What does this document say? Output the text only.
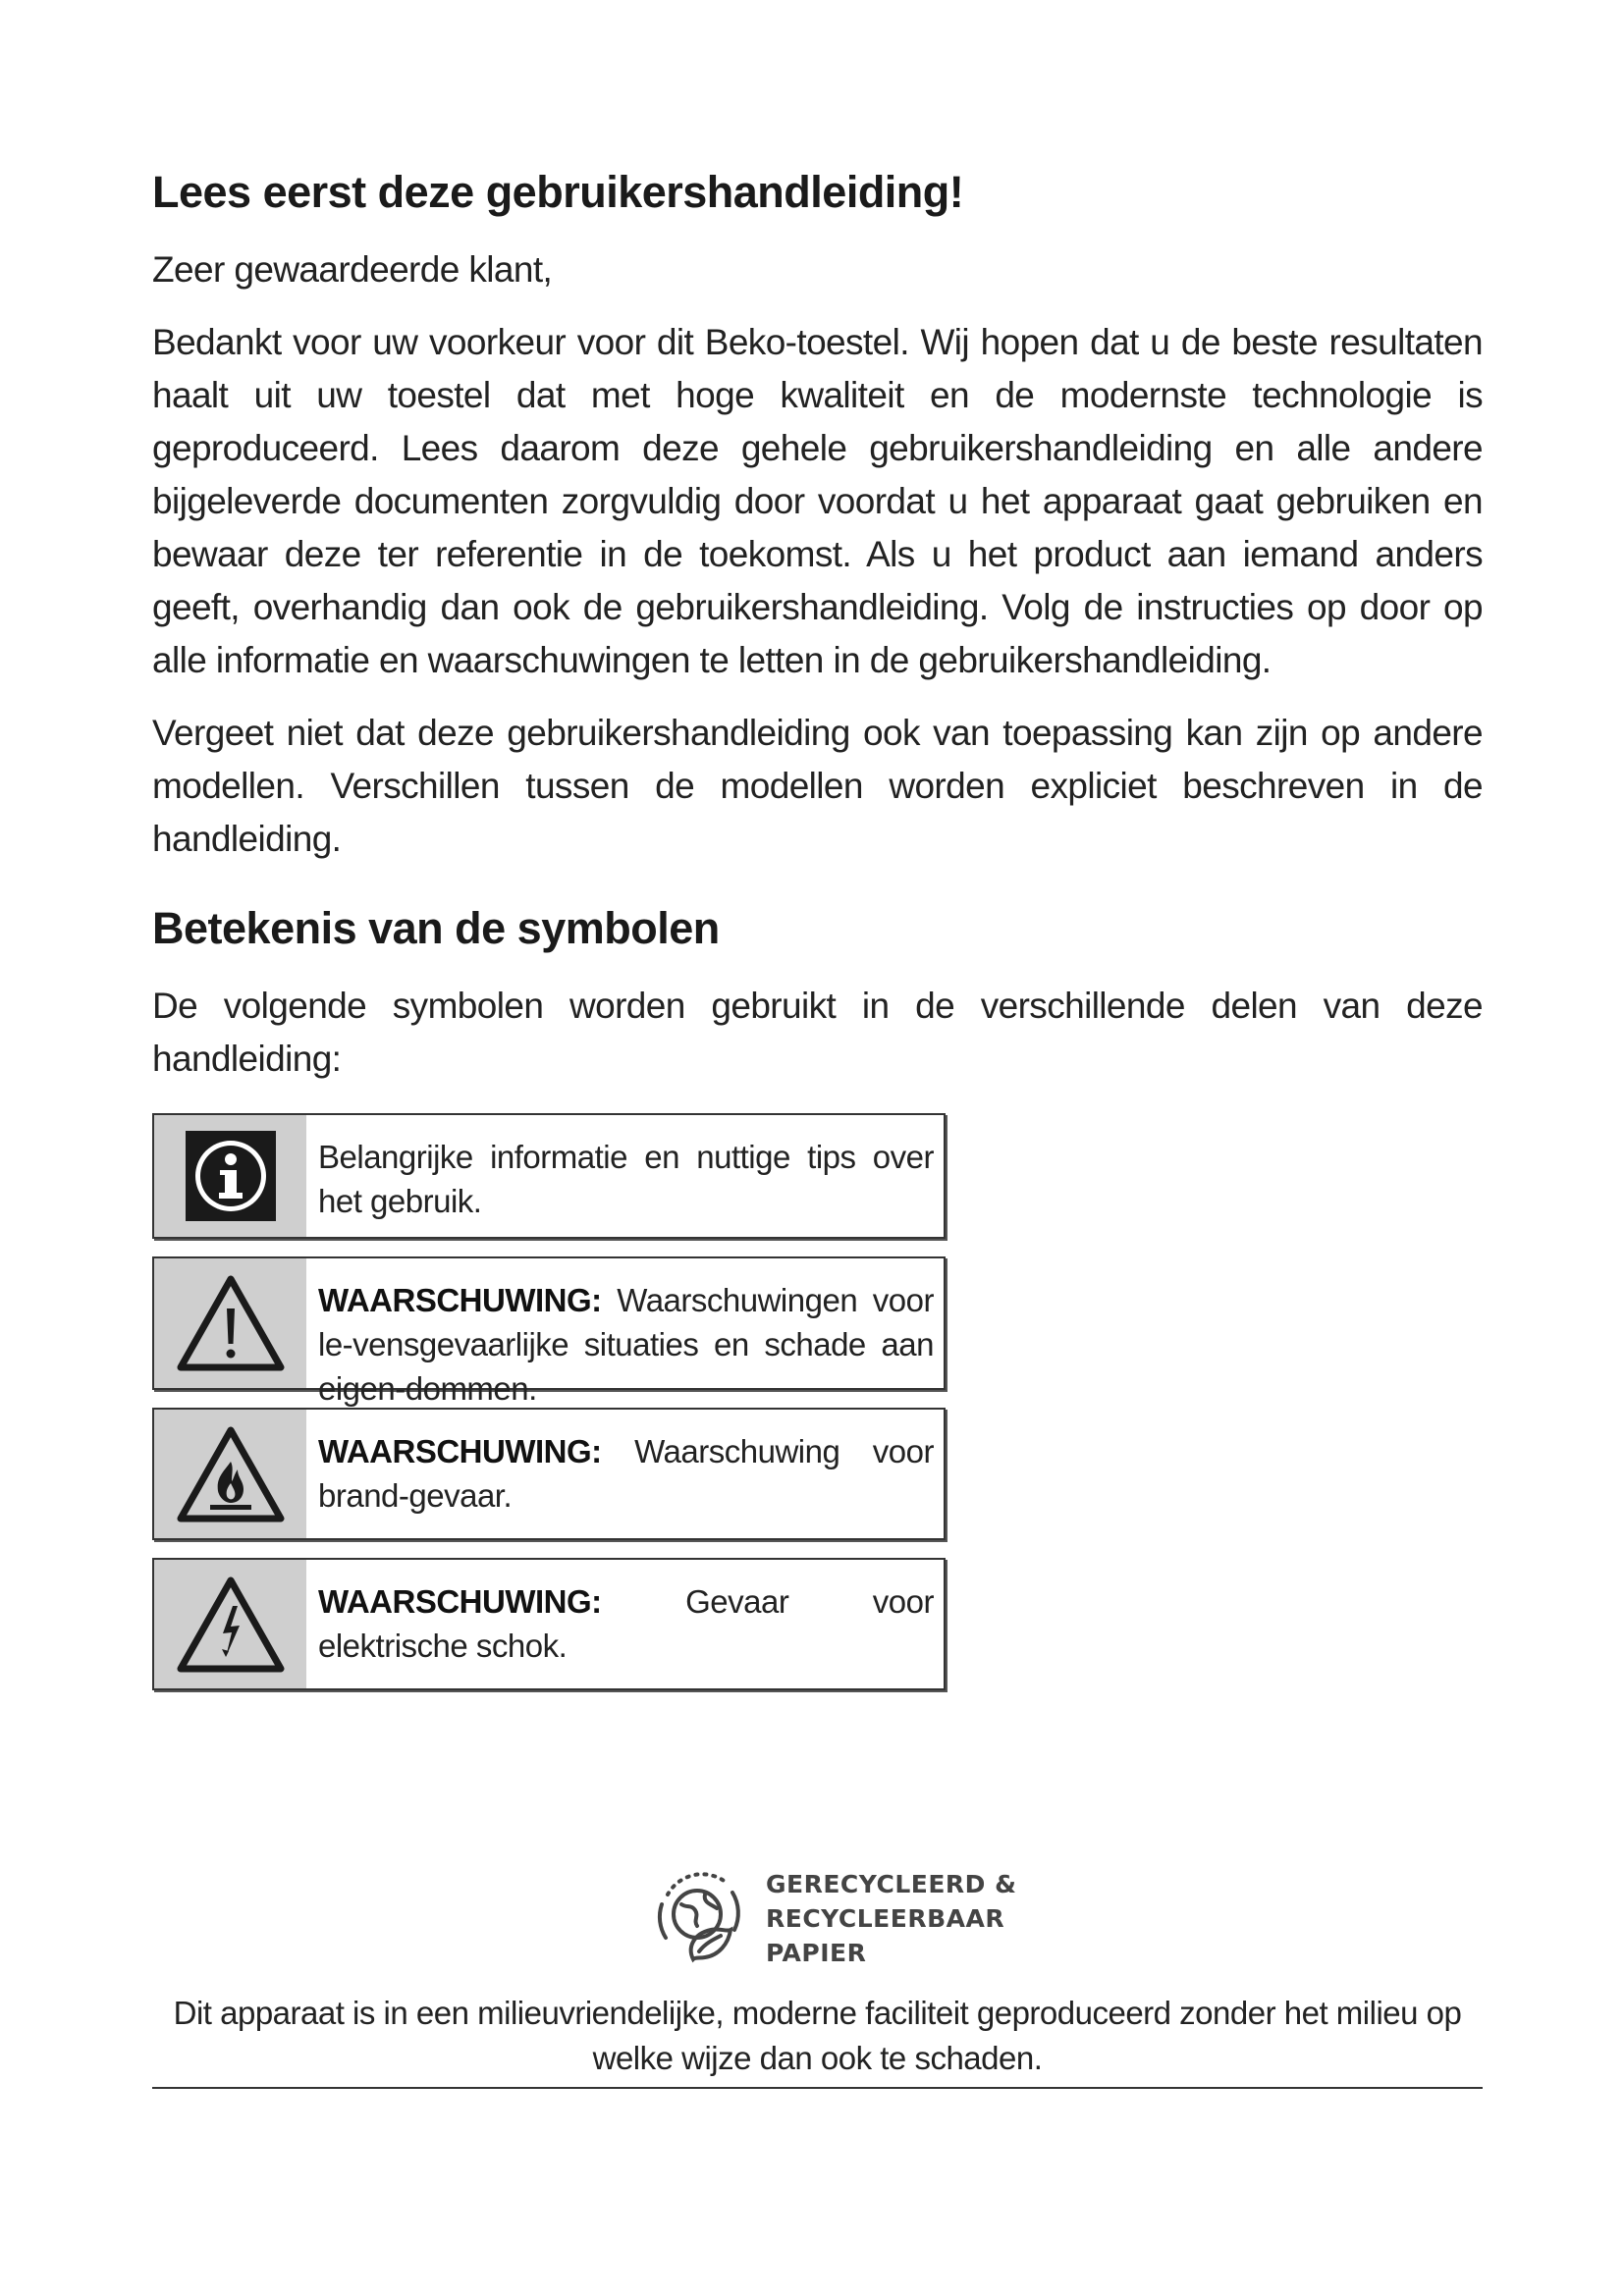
Lees eerst deze gebruikershandleiding!

Zeer gewaardeerde klant,

Bedankt voor uw voorkeur voor dit Beko-toestel. Wij hopen dat u de beste resultaten haalt uit uw toestel dat met hoge kwaliteit en de modernste technologie is geproduceerd. Lees daarom deze gehele gebruikershandleiding en alle andere bijgeleverde documenten zorgvuldig door voordat u het apparaat gaat gebruiken en bewaar deze ter referentie in de toekomst. Als u het product aan iemand anders geeft, overhandig dan ook de gebruikershandleiding. Volg de instructies op door op alle informatie en waarschuwingen te letten in de gebruikershandleiding.

Vergeet niet dat deze gebruikershandleiding ook van toepassing kan zijn op andere modellen. Verschillen tussen de modellen worden expliciet beschreven in de handleiding.

Betekenis van de symbolen

De volgende symbolen worden gebruikt in de verschillende delen van deze handleiding:

Belangrijke informatie en nuttige tips over het gebruik.
WAARSCHUWING: Waarschuwingen voor le-vensgevaarlijke situaties en schade aan eigen-dommen.
WAARSCHUWING: Waarschuwing voor brand-gevaar.
WAARSCHUWING:	Gevaar voor elektrische schok.
GERECYCLEERD &
RECYCLEERBAAR
PAPIER
Dit apparaat is in een milieuvriendelijke, moderne faciliteit geproduceerd zonder het milieu op welke wijze dan ook te schaden.
